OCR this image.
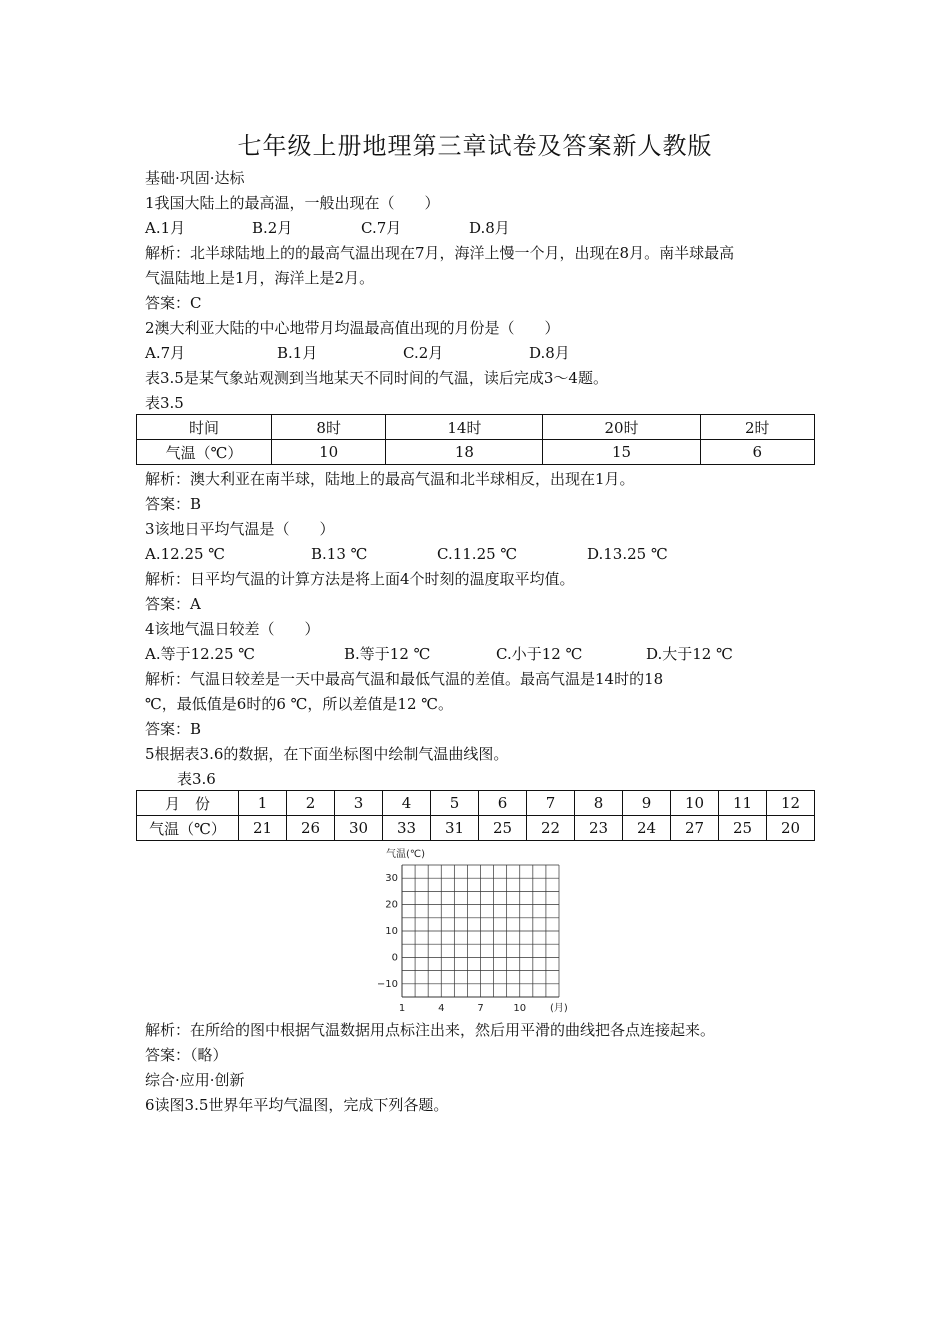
七年级上册地理第三章试卷及答案新人教版
基础·巩固·达标
1我国大陆上的最高温，一般出现在（　　）
A.1月	B.2月	C.7月	D.8月
解析：北半球陆地上的的最高气温出现在7月，海洋上慢一个月，出现在8月。南半球最高
气温陆地上是1月，海洋上是2月。
答案：C
2澳大利亚大陆的中心地带月均温最高值出现的月份是（　　）
A.7月	B.1月	C.2月	D.8月
表3.5是某气象站观测到当地某天不同时间的气温，读后完成3～4题。
表3.5
时间	8时	14时	20时	2时
气温（℃）	10	18	15	6
解析：澳大利亚在南半球，陆地上的最高气温和北半球相反，出现在1月。
答案：B
3该地日平均气温是（　　）
A.12.25 ℃	B.13 ℃	C.11.25 ℃	D.13.25 ℃
解析：日平均气温的计算方法是将上面4个时刻的温度取平均值。
答案：A
4该地气温日较差（　　）
A.等于12.25 ℃	B.等于12 ℃	C.小于12 ℃	D.大于12 ℃
解析：气温日较差是一天中最高气温和最低气温的差值。最高气温是14时的18
℃，最低值是6时的6 ℃，所以差值是12 ℃。
答案：B
5根据表3.6的数据，在下面坐标图中绘制气温曲线图。
表3.6
月　份	1	2	3	4	5	6	7	8	9	10	11	12
气温（℃）	21	26	30	33	31	25	22	23	24	27	25	20
气温(℃)
30
20
10
0
−10
1	4	7	10 (月)
解析：在所给的图中根据气温数据用点标注出来，然后用平滑的曲线把各点连接起来。
答案：（略）
综合·应用·创新
6读图3.5世界年平均气温图，完成下列各题。
